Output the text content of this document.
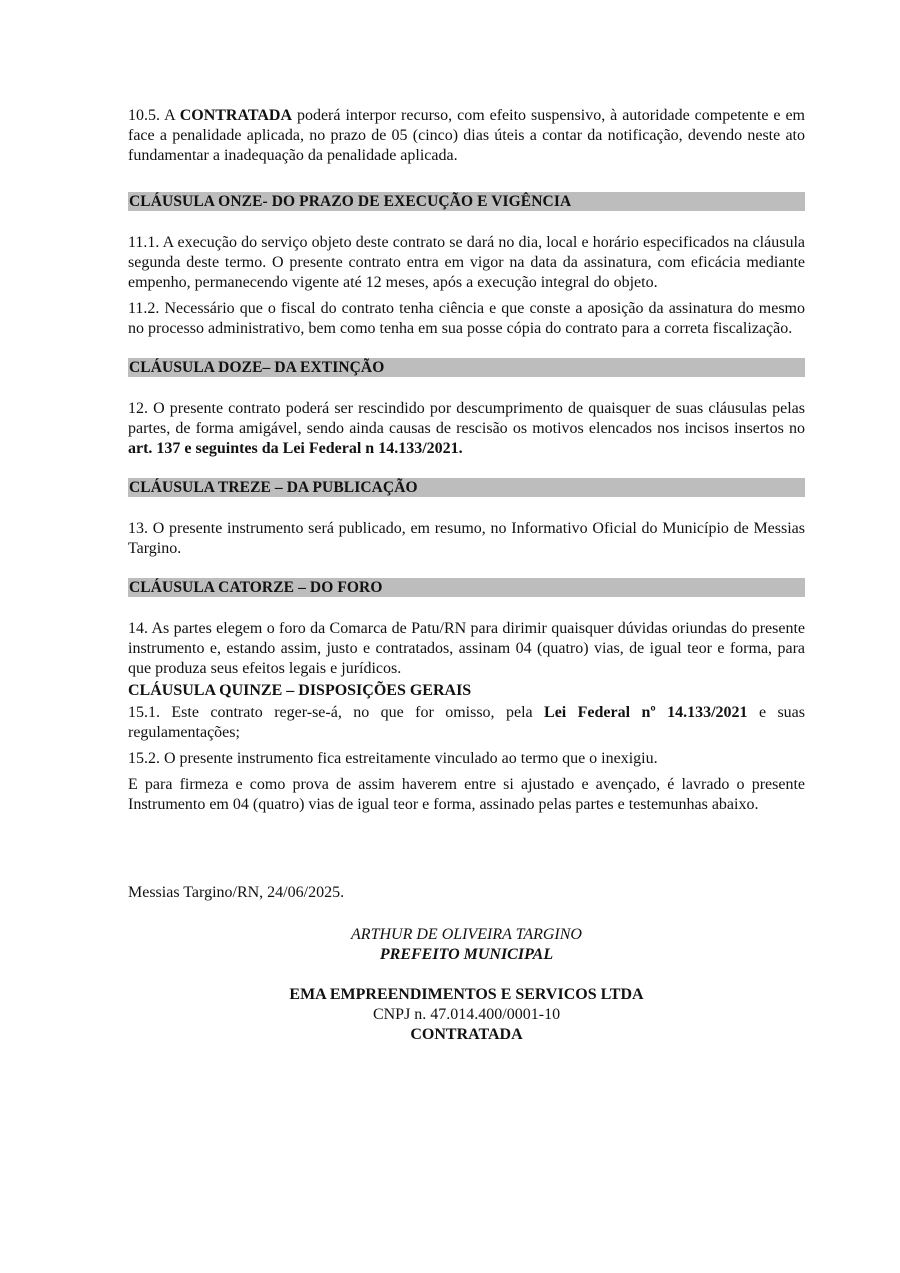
10.5. A CONTRATADA poderá interpor recurso, com efeito suspensivo, à autoridade competente e em face a penalidade aplicada, no prazo de 05 (cinco) dias úteis a contar da notificação, devendo neste ato fundamentar a inadequação da penalidade aplicada.

CLÁUSULA ONZE- DO PRAZO DE EXECUÇÃO E VIGÊNCIA

11.1. A execução do serviço objeto deste contrato se dará no dia, local e horário especificados na cláusula segunda deste termo. O presente contrato entra em vigor na data da assinatura, com eficácia mediante empenho, permanecendo vigente até 12 meses, após a execução integral do objeto.

11.2. Necessário que o fiscal do contrato tenha ciência e que conste a aposição da assinatura do mesmo no processo administrativo, bem como tenha em sua posse cópia do contrato para a correta fiscalização.

CLÁUSULA DOZE– DA EXTINÇÃO

12. O presente contrato poderá ser rescindido por descumprimento de quaisquer de suas cláusulas pelas partes, de forma amigável, sendo ainda causas de rescisão os motivos elencados nos incisos insertos no art. 137 e seguintes da Lei Federal n 14.133/2021.

CLÁUSULA TREZE – DA PUBLICAÇÃO

13. O presente instrumento será publicado, em resumo, no Informativo Oficial do Município de Messias Targino.

CLÁUSULA CATORZE – DO FORO

14. As partes elegem o foro da Comarca de Patu/RN para dirimir quaisquer dúvidas oriundas do presente instrumento e, estando assim, justo e contratados, assinam 04 (quatro) vias, de igual teor e forma, para que produza seus efeitos legais e jurídicos.

CLÁUSULA QUINZE – DISPOSIÇÕES GERAIS

15.1. Este contrato reger-se-á, no que for omisso, pela Lei Federal nº 14.133/2021 e suas regulamentações;

15.2. O presente instrumento fica estreitamente vinculado ao termo que o inexigiu.

E para firmeza e como prova de assim haverem entre si ajustado e avençado, é lavrado o presente Instrumento em 04 (quatro) vias de igual teor e forma, assinado pelas partes e testemunhas abaixo.

Messias Targino/RN, 24/06/2025.

ARTHUR DE OLIVEIRA TARGINO
PREFEITO MUNICIPAL
EMA EMPREENDIMENTOS E SERVICOS LTDA
CNPJ n. 47.014.400/0001-10
CONTRATADA
